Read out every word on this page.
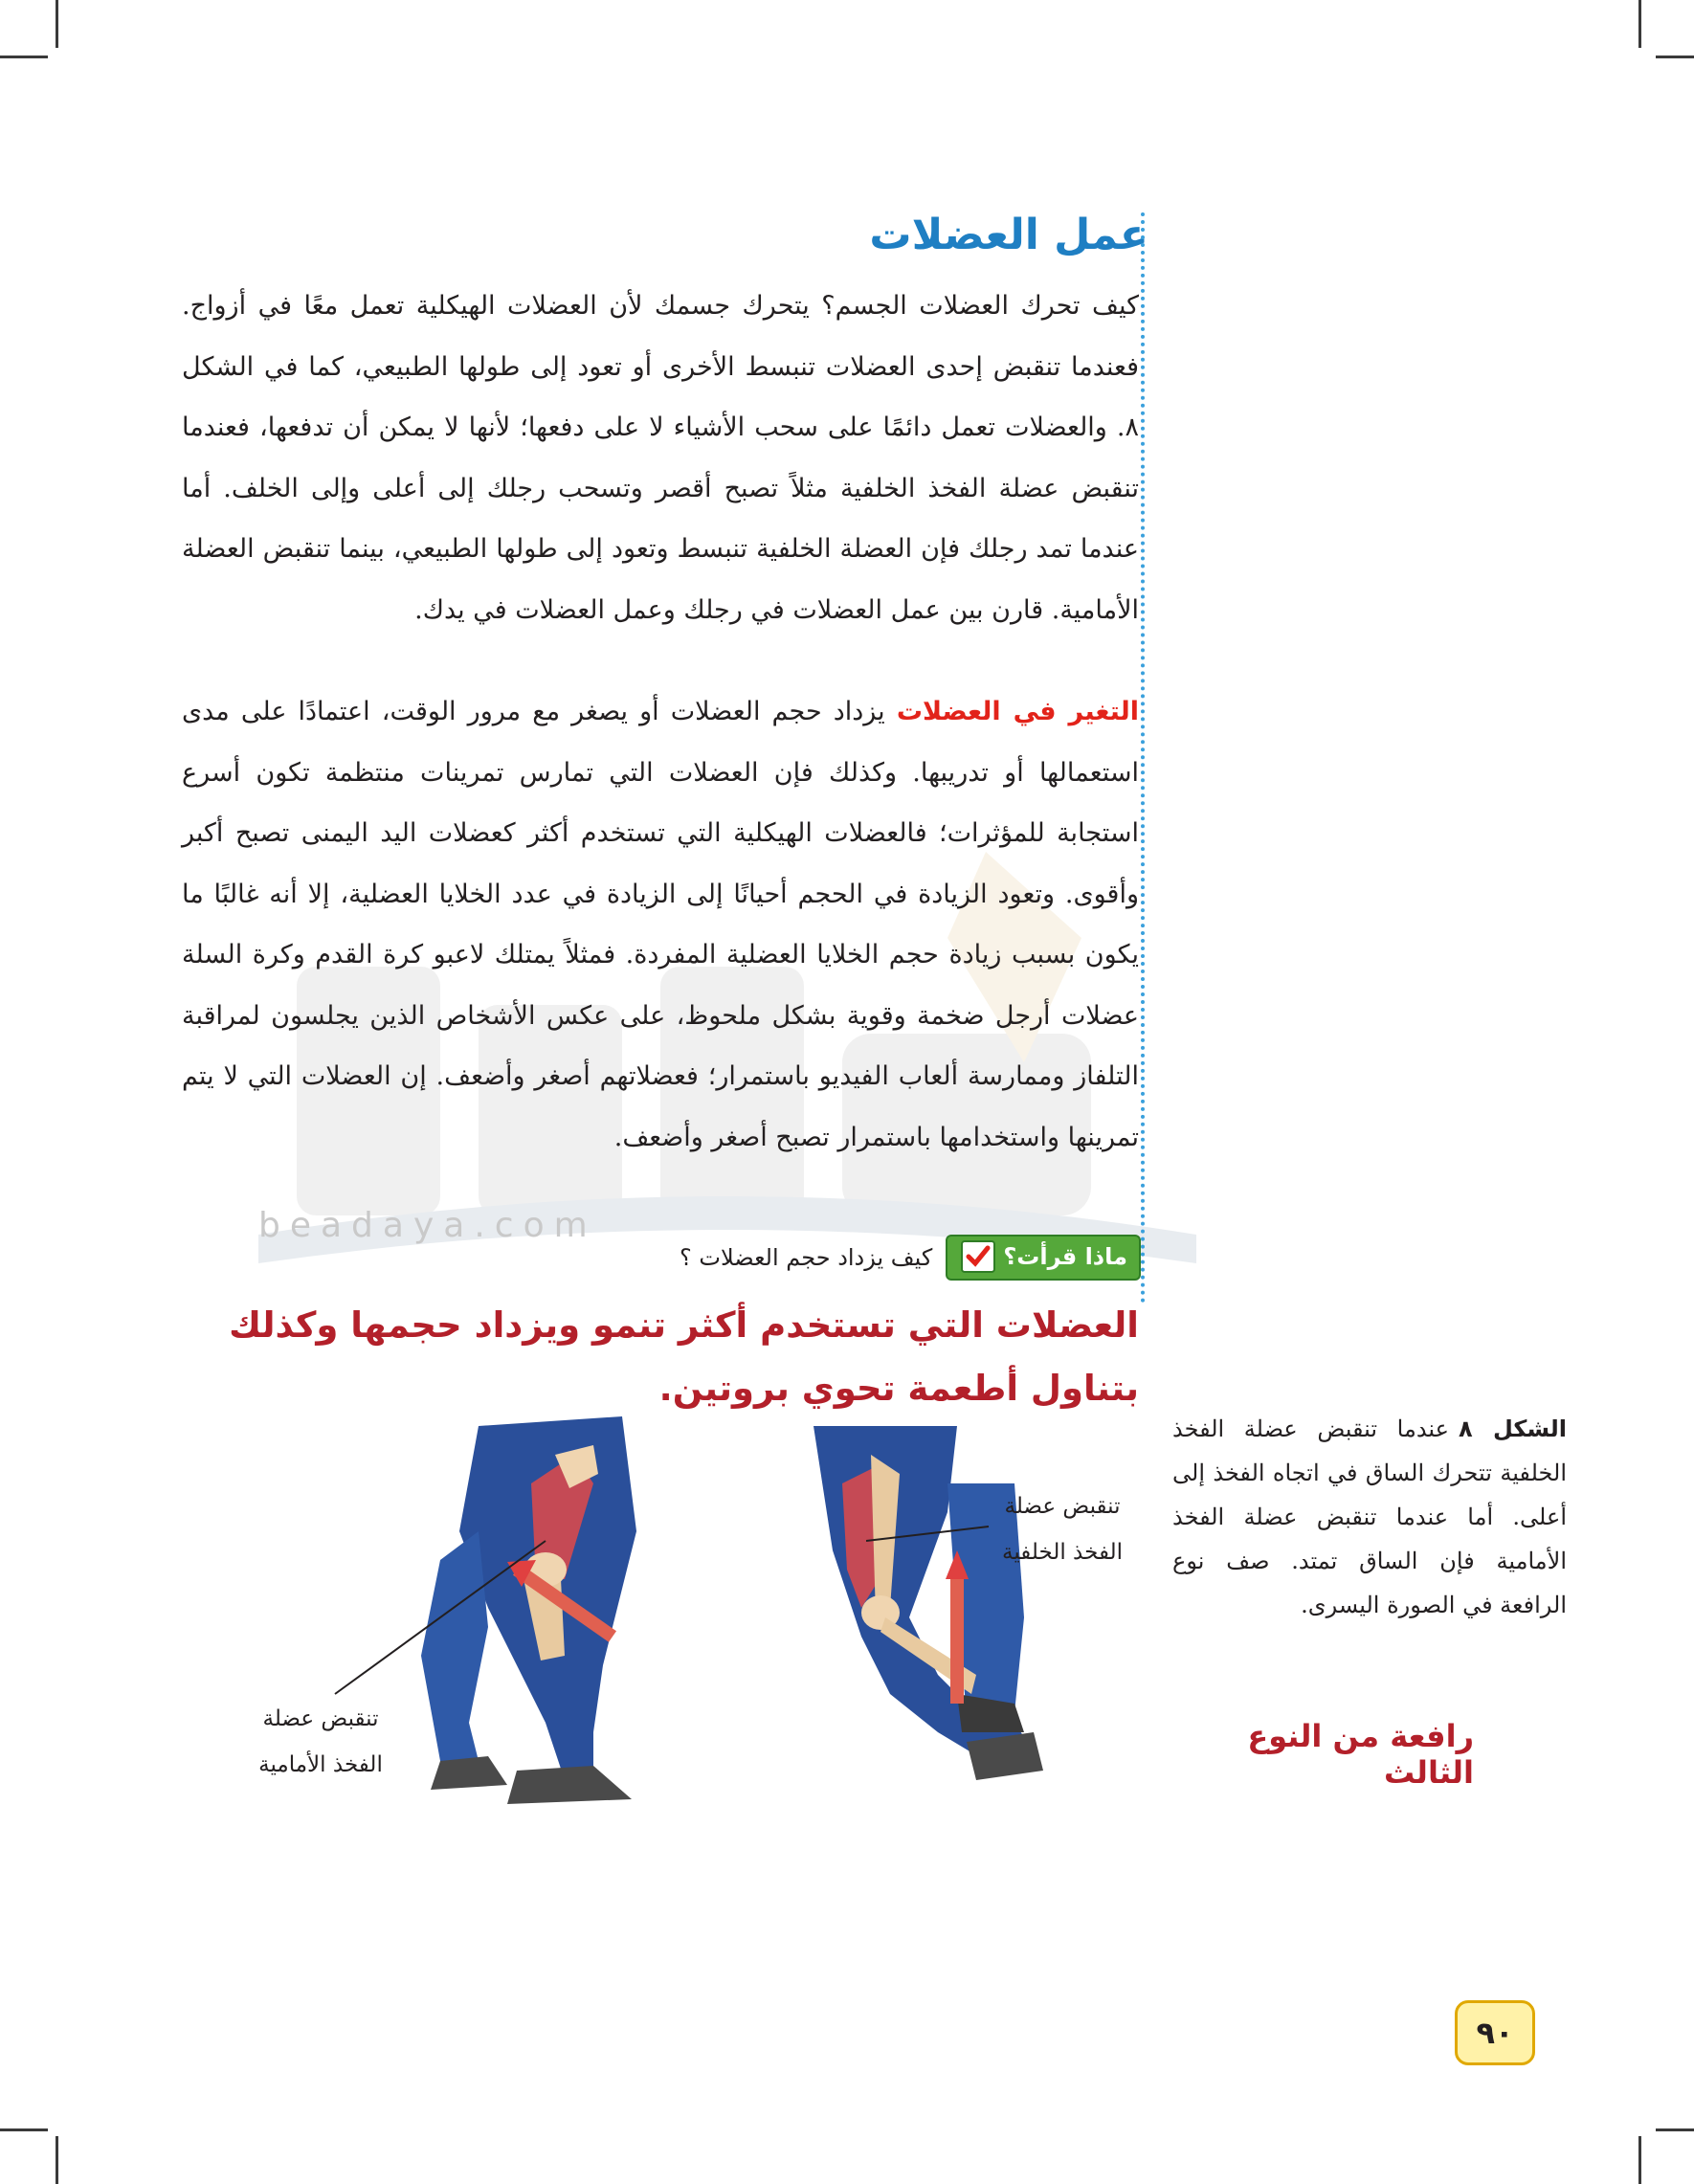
beadaya.com
عمل العضلات
كيف تحرك العضلات الجسم؟ يتحرك جسمك لأن العضلات الهيكلية تعمل معًا في أزواج. فعندما تنقبض إحدى العضلات تنبسط الأخرى أو تعود إلى طولها الطبيعي، كما في الشكل ٨. والعضلات تعمل دائمًا على سحب الأشياء لا على دفعها؛ لأنها لا يمكن أن تدفعها، فعندما تنقبض عضلة الفخذ الخلفية مثلاً تصبح أقصر وتسحب رجلك إلى أعلى وإلى الخلف. أما عندما تمد رجلك فإن العضلة الخلفية تنبسط وتعود إلى طولها الطبيعي، بينما تنقبض العضلة الأمامية. قارن بين عمل العضلات في رجلك وعمل العضلات في يدك.
التغير في العضلات يزداد حجم العضلات أو يصغر مع مرور الوقت، اعتمادًا على مدى استعمالها أو تدريبها. وكذلك فإن العضلات التي تمارس تمرينات منتظمة تكون أسرع استجابة للمؤثرات؛ فالعضلات الهيكلية التي تستخدم أكثر كعضلات اليد اليمنى تصبح أكبر وأقوى. وتعود الزيادة في الحجم أحيانًا إلى الزيادة في عدد الخلايا العضلية، إلا أنه غالبًا ما يكون بسبب زيادة حجم الخلايا العضلية المفردة. فمثلاً يمتلك لاعبو كرة القدم وكرة السلة عضلات أرجل ضخمة وقوية بشكل ملحوظ، على عكس الأشخاص الذين يجلسون لمراقبة التلفاز وممارسة ألعاب الفيديو باستمرار؛ فعضلاتهم أصغر وأضعف. إن العضلات التي لا يتم تمرينها واستخدامها باستمرار تصبح أصغر وأضعف.
ماذا قرأت؟
كيف يزداد حجم العضلات ؟
العضلات التي تستخدم أكثر تنمو ويزداد حجمها وكذلك بتناول أطعمة تحوي بروتين.
الشكل ٨عندما تنقبض عضلة الفخذ الخلفية تتحرك الساق في اتجاه الفخذ إلى أعلى. أما عندما تنقبض عضلة الفخذ الأمامية فإن الساق تمتد. صف نوع الرافعة في الصورة اليسرى.
رافعة من النوع الثالث
تنقبض عضلة
الفخذ الأمامية
تنقبض عضلة
الفخذ الخلفية
٩٠
